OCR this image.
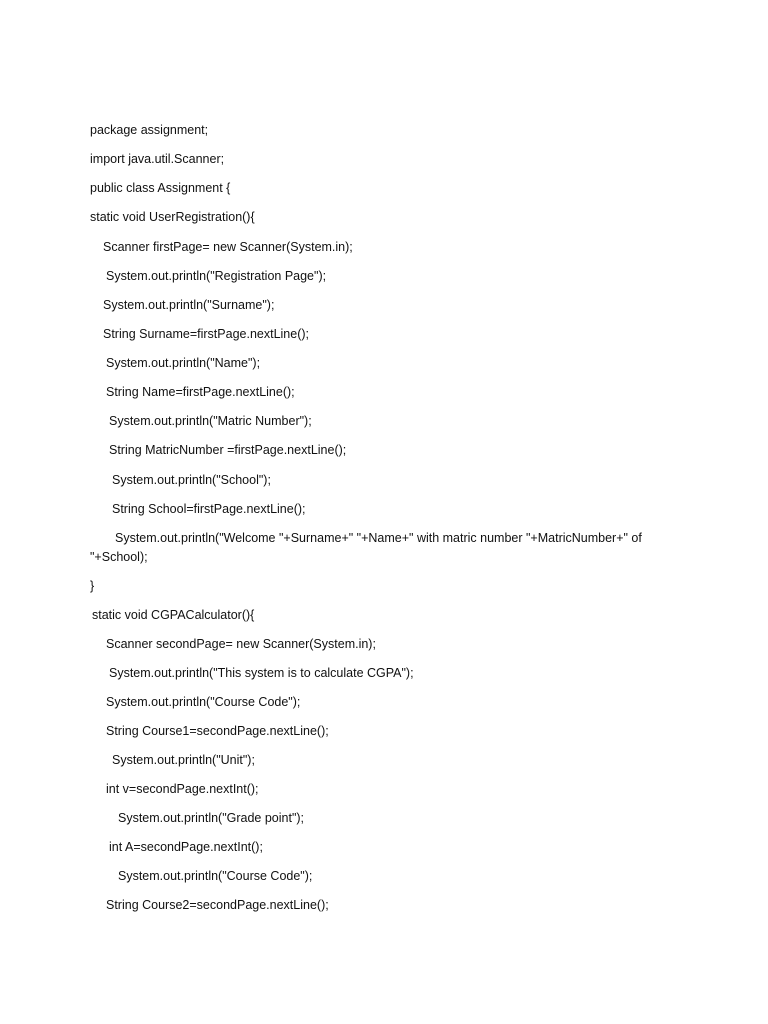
package assignment;
import java.util.Scanner;
public class Assignment {
static void UserRegistration(){
Scanner firstPage= new Scanner(System.in);
System.out.println("Registration Page");
System.out.println("Surname");
String Surname=firstPage.nextLine();
System.out.println("Name");
String Name=firstPage.nextLine();
System.out.println("Matric Number");
String MatricNumber =firstPage.nextLine();
System.out.println("School");
String School=firstPage.nextLine();
System.out.println("Welcome "+Surname+" "+Name+" with matric number "+MatricNumber+" of
"+School);
}
static void CGPACalculator(){
Scanner secondPage= new Scanner(System.in);
System.out.println("This system is to calculate CGPA");
System.out.println("Course Code");
String Course1=secondPage.nextLine();
System.out.println("Unit");
int v=secondPage.nextInt();
System.out.println("Grade point");
int A=secondPage.nextInt();
System.out.println("Course Code");
String Course2=secondPage.nextLine();
